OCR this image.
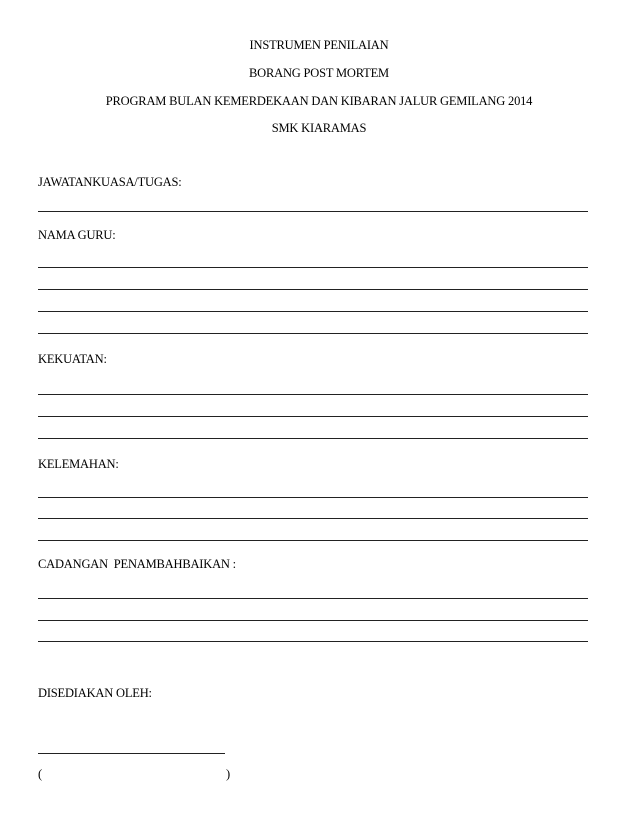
INSTRUMEN PENILAIAN
BORANG POST MORTEM
PROGRAM BULAN KEMERDEKAAN DAN KIBARAN JALUR GEMILANG 2014
SMK KIARAMAS
JAWATANKUASA/TUGAS:
NAMA GURU:
KEKUATAN:
KELEMAHAN:
CADANGAN  PENAMBAHBAIKAN :
DISEDIAKAN OLEH:
(	)
